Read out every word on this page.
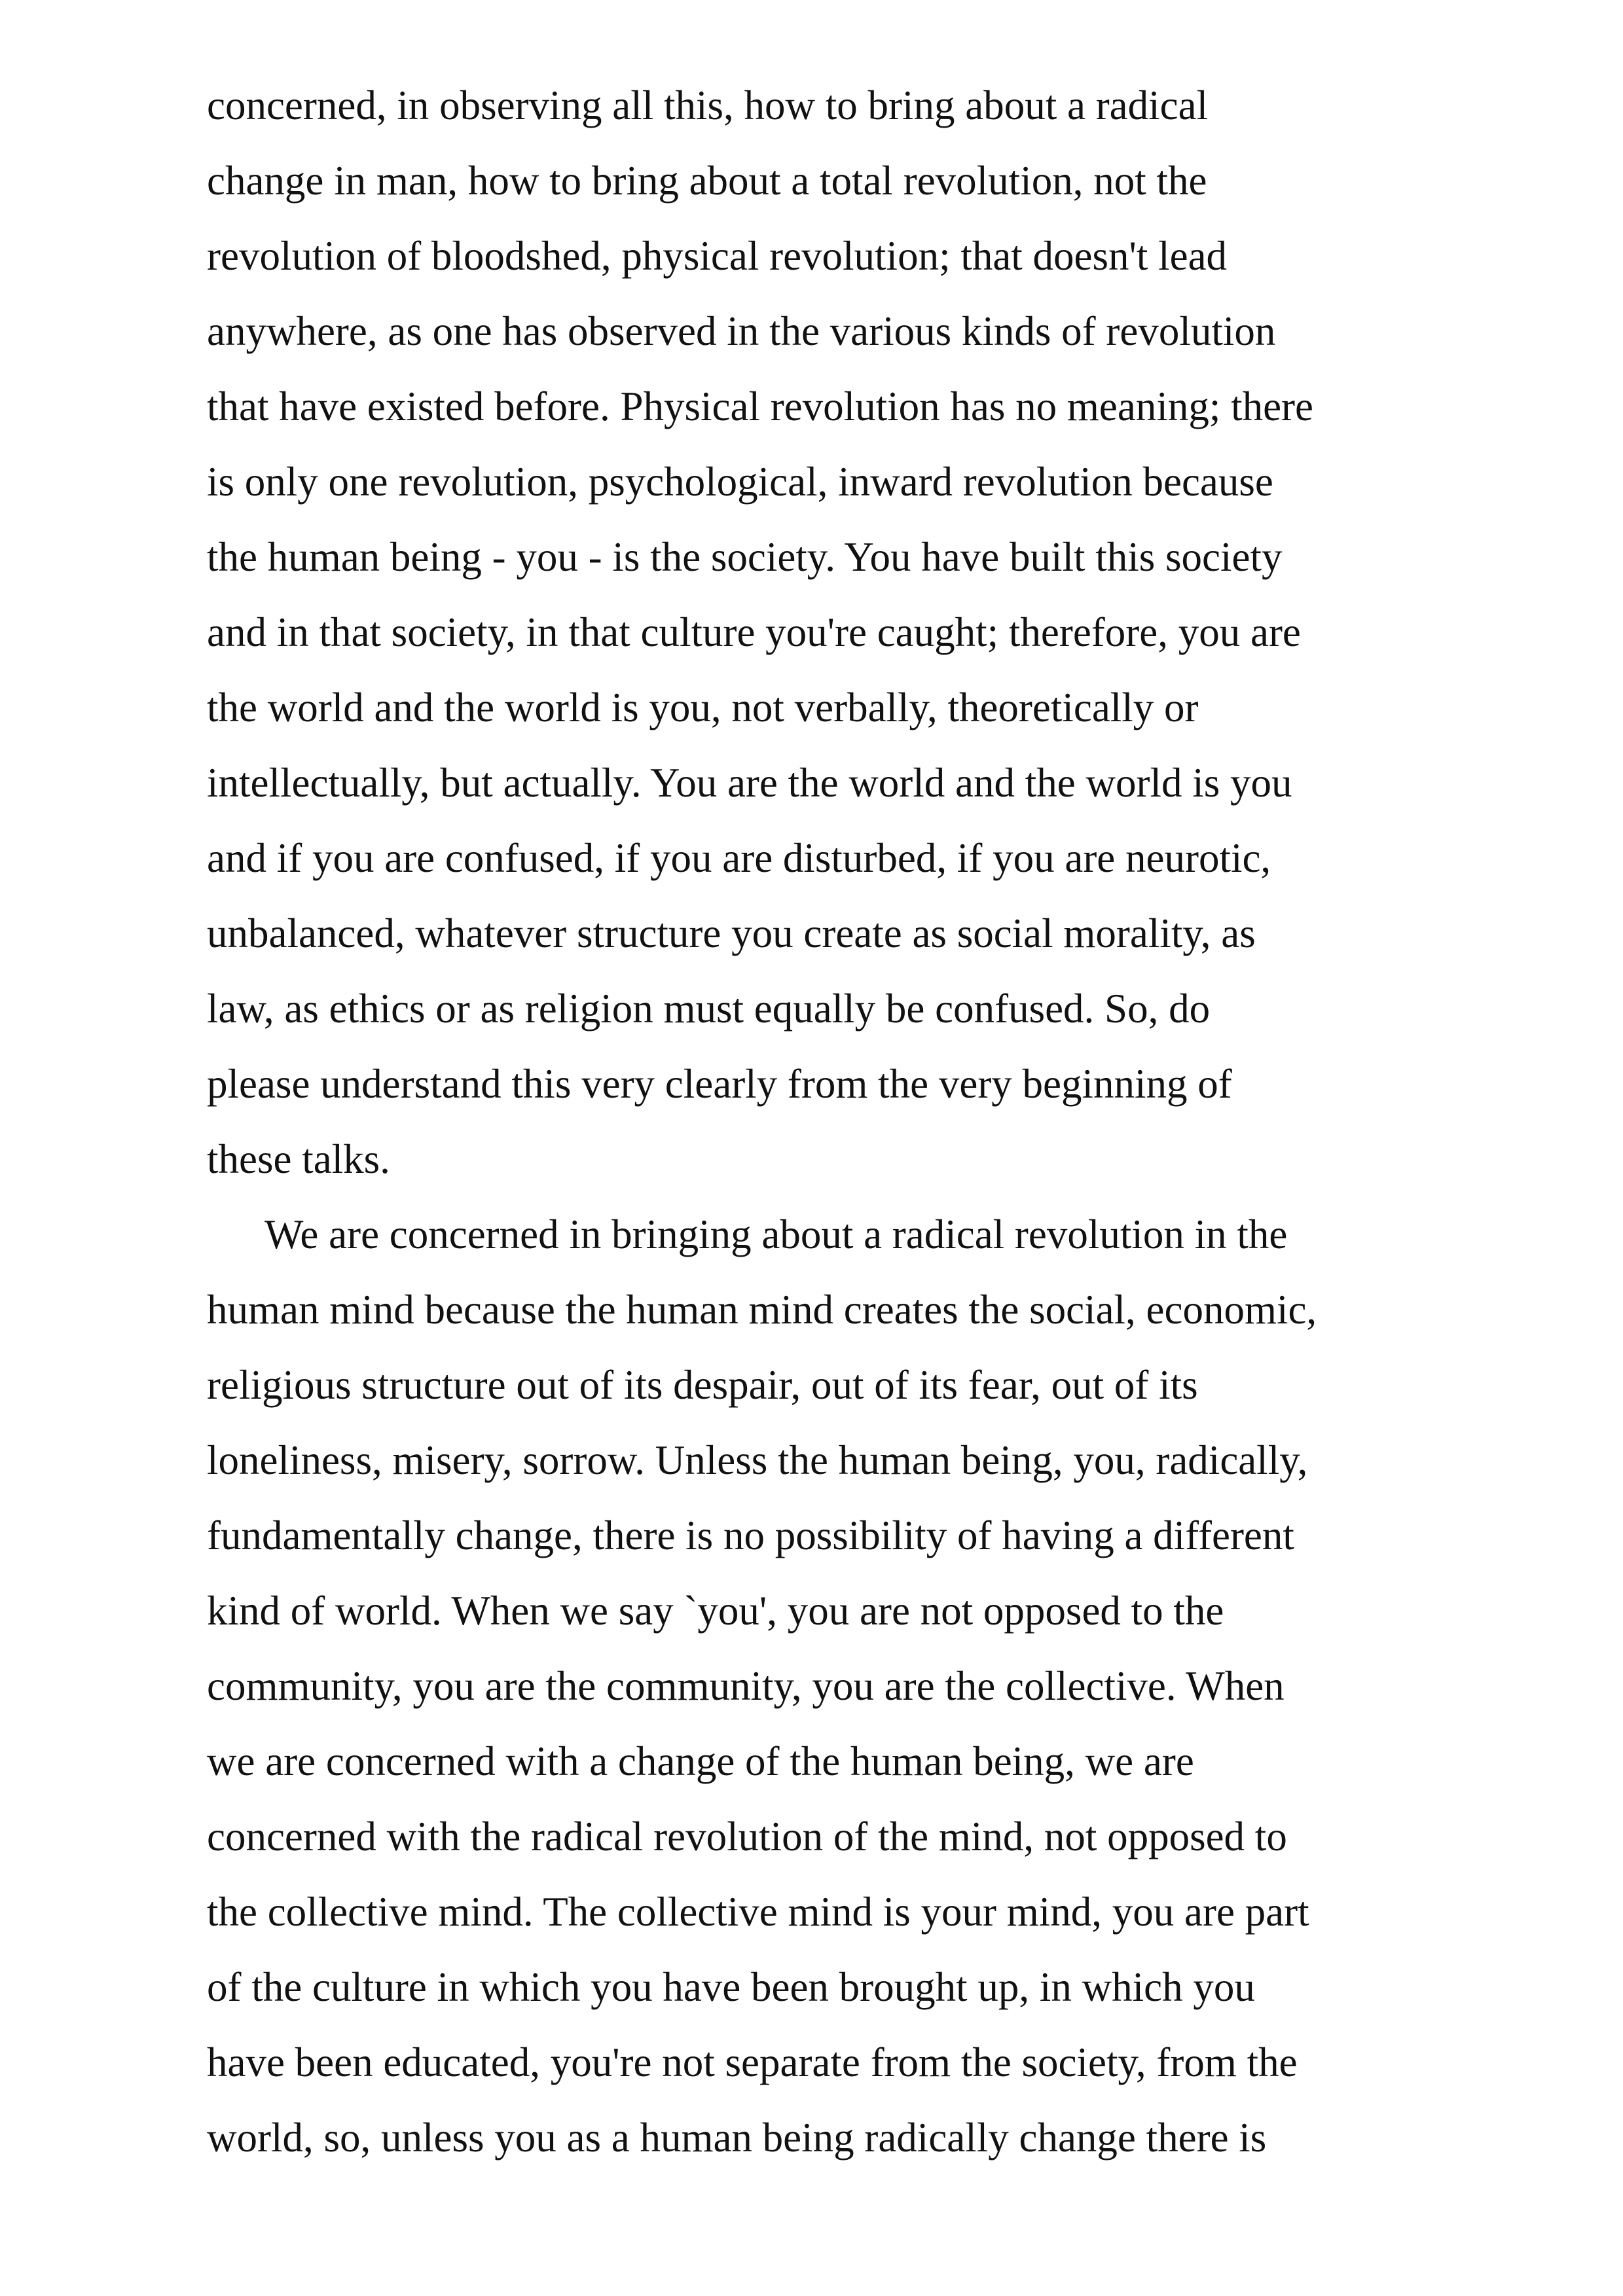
concerned, in observing all this, how to bring about a radical
change in man, how to bring about a total revolution, not the
revolution of bloodshed, physical revolution; that doesn't lead
anywhere, as one has observed in the various kinds of revolution
that have existed before. Physical revolution has no meaning; there
is only one revolution, psychological, inward revolution because
the human being - you - is the society. You have built this society
and in that society, in that culture you're caught; therefore, you are
the world and the world is you, not verbally, theoretically or
intellectually, but actually. You are the world and the world is you
and if you are confused, if you are disturbed, if you are neurotic,
unbalanced, whatever structure you create as social morality, as
law, as ethics or as religion must equally be confused. So, do
please understand this very clearly from the very beginning of
these talks.
We are concerned in bringing about a radical revolution in the
human mind because the human mind creates the social, economic,
religious structure out of its despair, out of its fear, out of its
loneliness, misery, sorrow. Unless the human being, you, radically,
fundamentally change, there is no possibility of having a different
kind of world. When we say `you', you are not opposed to the
community, you are the community, you are the collective. When
we are concerned with a change of the human being, we are
concerned with the radical revolution of the mind, not opposed to
the collective mind. The collective mind is your mind, you are part
of the culture in which you have been brought up, in which you
have been educated, you're not separate from the society, from the
world, so, unless you as a human being radically change there is
